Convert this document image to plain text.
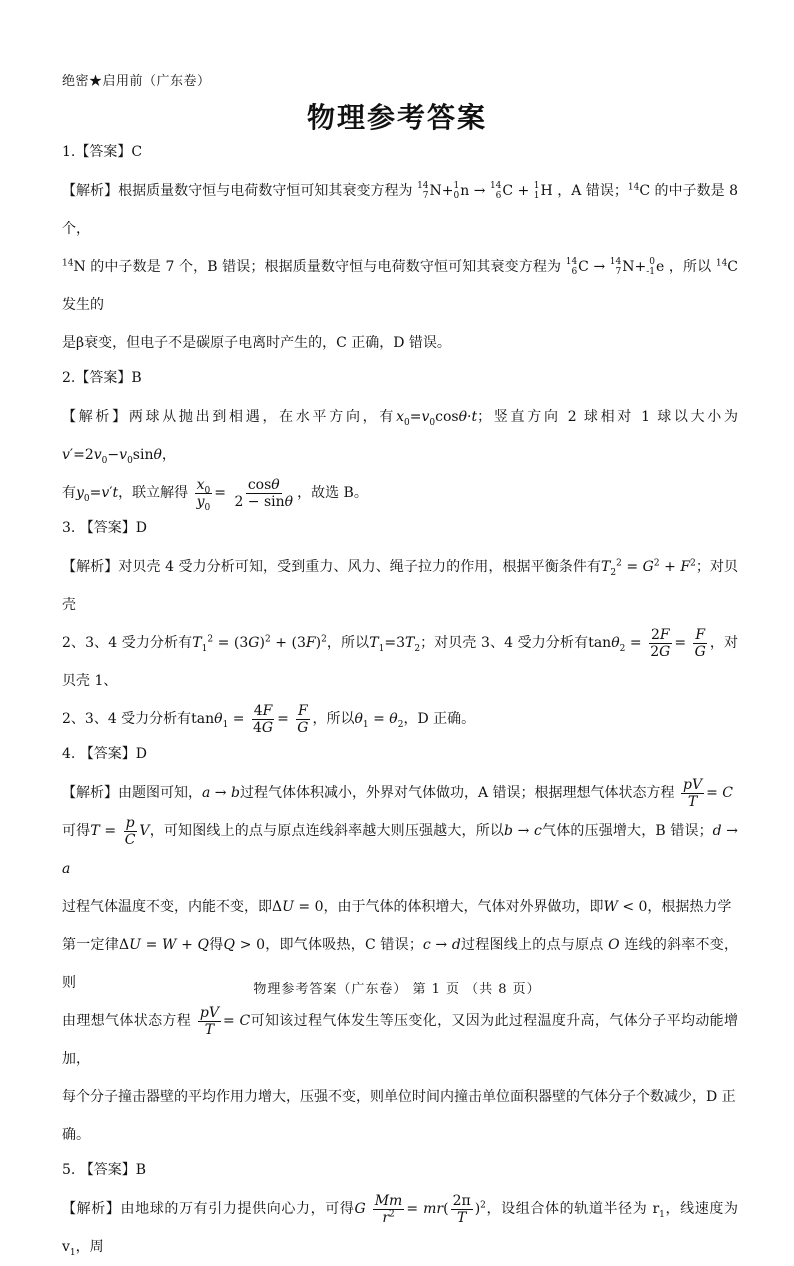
绝密★启用前（广东卷）
物理参考答案
1.【答案】C

【解析】根据质量数守恒与电荷数守恒可知其衰变方程为 14
7N+1
0n → 14
6C + 1
1H ，A 错误；$^{14}$C 的中子数是 8 个，
$^{14}$N 的中子数是 7 个，B 错误；根据质量数守恒与电荷数守恒可知其衰变方程为 14
6C → 14
7N+ 0
-1e ，所以 $^{14}$C 发生的
是β衰变，但电子不是碳原子电离时产生的，C 正确，D 错误。

2.【答案】B

【解析】两球从抛出到相遇，在水平方向，有$x_0=v_0\cos\theta\cdot t$；竖直方向 2 球相对 1 球以大小为$v'=2v_0-v_0\sin\theta$，
有$y_0=v't$，联立解得 $\frac{x_0}{y_0} = \frac{\cos\theta}{2 - \sin\theta}$ ，故选 B。

3. 【答案】D

【解析】对贝壳 4 受力分析可知，受到重力、风力、绳子拉力的作用，根据平衡条件有$T_2^2 = G^2 + F^2$；对贝壳
2、3、4 受力分析有$T_1^2 = (3G)^2 + (3F)^2$，所以$T_1=3T_2$；对贝壳 3、4 受力分析有$\tan\theta_2 = \frac{2F}{2G} = \frac{F}{G}$ ，对贝壳 1、
2、3、4 受力分析有$\tan\theta_1 = \frac{4F}{4G} = \frac{F}{G}$ ，所以$\theta_1 = \theta_2$，D 正确。

4. 【答案】D

【解析】由题图可知，a → b过程气体体积减小，外界对气体做功，A 错误；根据理想气体状态方程 $\frac{pV}{T} = C$
可得$T = \frac{p}{C}$ V，可知图线上的点与原点连线斜率越大则压强越大，所以b → c气体的压强增大，B 错误；d → a
过程气体温度不变，内能不变，即ΔU = 0，由于气体的体积增大，气体对外界做功，即W < 0，根据热力学
第一定律ΔU = W + Q得Q > 0，即气体吸热，C 错误；c → d过程图线上的点与原点 O 连线的斜率不变，则
由理想气体状态方程 $\frac{pV}{T} = C$可知该过程气体发生等压变化，又因为此过程温度升高，气体分子平均动能增加，
每个分子撞击器壁的平均作用力增大，压强不变，则单位时间内撞击单位面积器壁的气体分子个数减少，D 正
确。

5. 【答案】B

【解析】由地球的万有引力提供向心力，可得G $\frac{Mm}{r^2} = mr( \frac{2\pi}{T} )^2$，设组合体的轨道半径为 $r_1$，线速度为 $v_1$，周

物理参考答案（广东卷） 第 1 页 （共 8 页）
